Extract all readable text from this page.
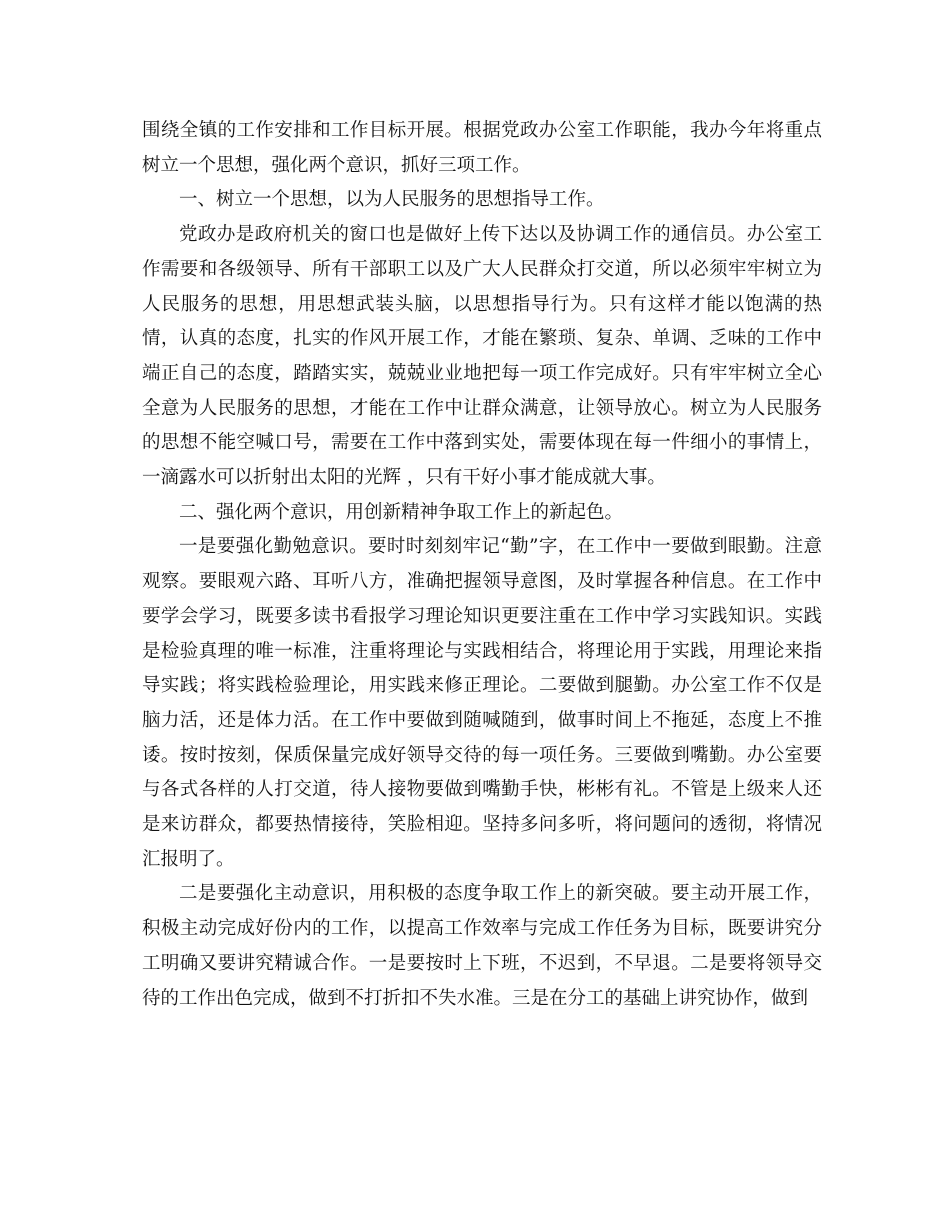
围绕全镇的工作安排和工作目标开展。根据党政办公室工作职能，我办今年将重点树立一个思想，强化两个意识，抓好三项工作。

一、树立一个思想，以为人民服务的思想指导工作。

党政办是政府机关的窗口也是做好上传下达以及协调工作的通信员。办公室工作需要和各级领导、所有干部职工以及广大人民群众打交道，所以必须牢牢树立为人民服务的思想，用思想武装头脑，以思想指导行为。只有这样才能以饱满的热情，认真的态度，扎实的作风开展工作，才能在繁琐、复杂、单调、乏味的工作中端正自己的态度，踏踏实实，兢兢业业地把每一项工作完成好。只有牢牢树立全心全意为人民服务的思想，才能在工作中让群众满意，让领导放心。树立为人民服务的思想不能空喊口号，需要在工作中落到实处，需要体现在每一件细小的事情上，一滴露水可以折射出太阳的光辉 ，只有干好小事才能成就大事。

二、强化两个意识，用创新精神争取工作上的新起色。

一是要强化勤勉意识。要时时刻刻牢记“勤”字，在工作中一要做到眼勤。注意观察。要眼观六路、耳听八方，准确把握领导意图，及时掌握各种信息。在工作中要学会学习，既要多读书看报学习理论知识更要注重在工作中学习实践知识。实践是检验真理的唯一标准，注重将理论与实践相结合，将理论用于实践，用理论来指导实践；将实践检验理论，用实践来修正理论。二要做到腿勤。办公室工作不仅是脑力活，还是体力活。在工作中要做到随喊随到，做事时间上不拖延，态度上不推诿。按时按刻，保质保量完成好领导交待的每一项任务。三要做到嘴勤。办公室要与各式各样的人打交道，待人接物要做到嘴勤手快，彬彬有礼。不管是上级来人还是来访群众，都要热情接待，笑脸相迎。坚持多问多听，将问题问的透彻，将情况汇报明了。

二是要强化主动意识，用积极的态度争取工作上的新突破。要主动开展工作，积极主动完成好份内的工作，以提高工作效率与完成工作任务为目标，既要讲究分工明确又要讲究精诚合作。一是要按时上下班，不迟到，不早退。二是要将领导交待的工作出色完成，做到不打折扣不失水准。三是在分工的基础上讲究协作，做到
